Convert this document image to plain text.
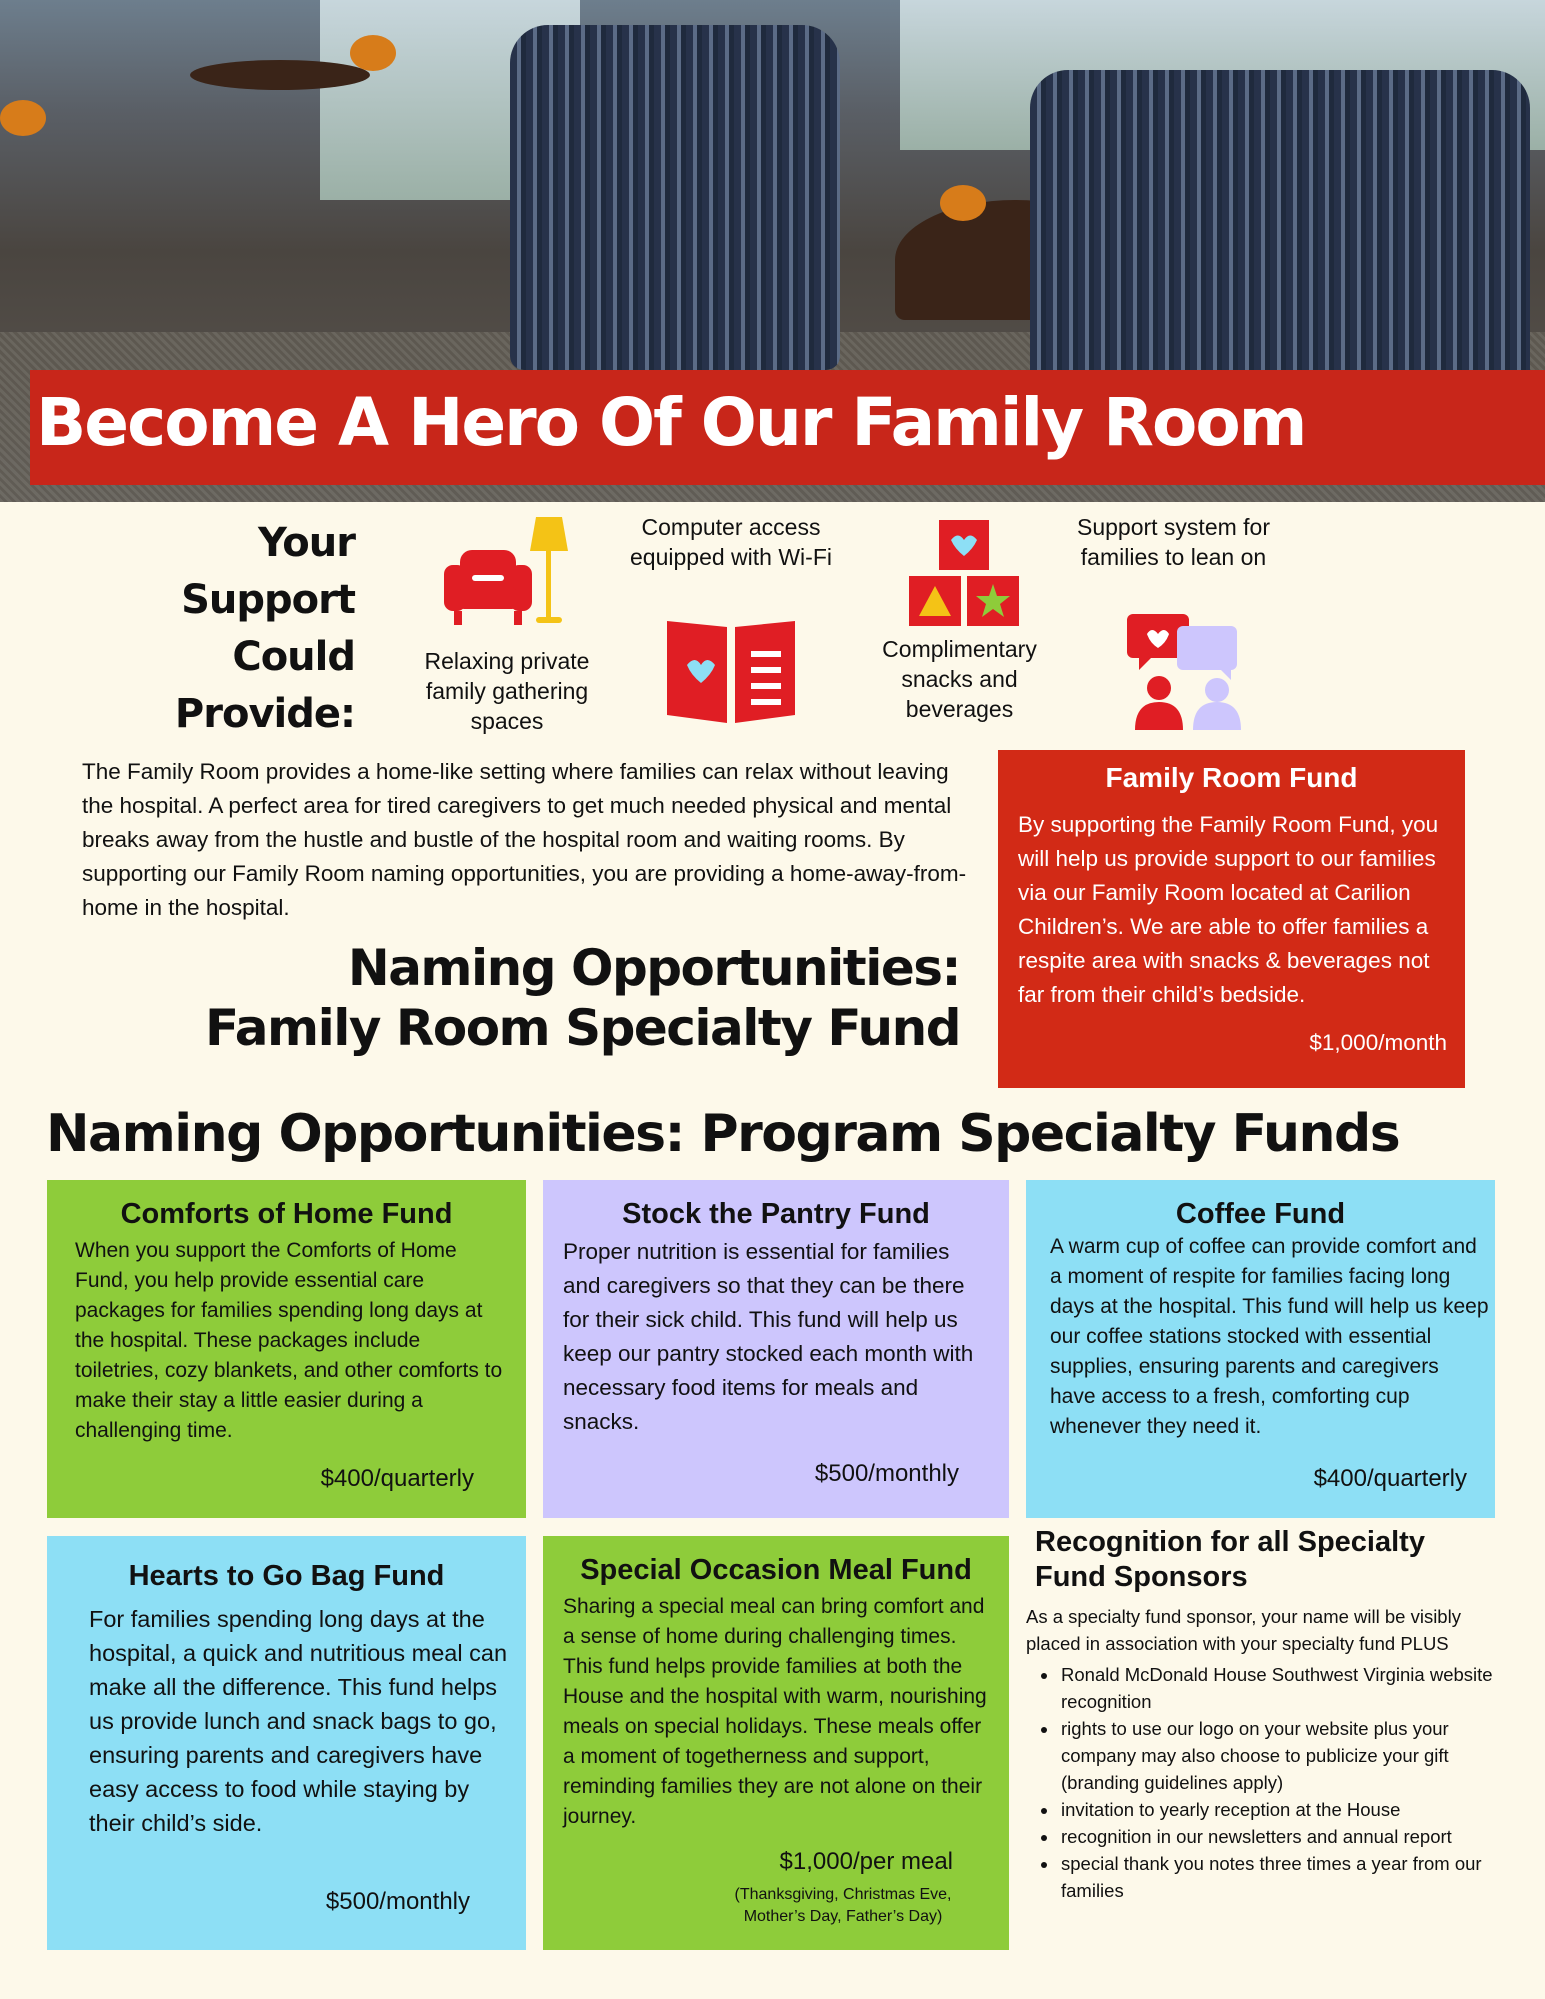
Become A Hero Of Our Family Room
Your
Support
Could
Provide:
Relaxing private family gathering spaces
Computer access equipped with Wi-Fi
Complimentary snacks and beverages
Support system for families to lean on
The Family Room provides a home-like setting where families can relax without leaving the hospital. A perfect area for tired caregivers to get much needed physical and mental breaks away from the hustle and bustle of the hospital room and waiting rooms. By supporting our Family Room naming opportunities, you are providing a home-away-from-home in the hospital.
Naming Opportunities:
Family Room Specialty Fund
Family Room Fund
By supporting the Family Room Fund, you will help us provide support to our families via our Family Room located at Carilion Children’s. We are able to offer families a respite area with snacks & beverages not far from their child’s bedside.
$1,000/month
Naming Opportunities: Program Specialty Funds
Comforts of Home Fund
When you support the Comforts of Home Fund, you help provide essential care packages for families spending long days at the hospital. These packages include toiletries, cozy blankets, and other comforts to make their stay a little easier during a challenging time.
$400/quarterly
Stock the Pantry Fund
Proper nutrition is essential for families and caregivers so that they can be there for their sick child. This fund will help us keep our pantry stocked each month with necessary food items for meals and snacks.
$500/monthly
Coffee Fund
A warm cup of coffee can provide comfort and a moment of respite for families facing long days at the hospital. This fund will help us keep our coffee stations stocked with essential supplies, ensuring parents and caregivers have access to a fresh, comforting cup whenever they need it.
$400/quarterly
Hearts to Go Bag Fund
For families spending long days at the hospital, a quick and nutritious meal can make all the difference. This fund helps us provide lunch and snack bags to go, ensuring parents and caregivers have easy access to food while staying by their child’s side.
$500/monthly
Special Occasion Meal Fund
Sharing a special meal can bring comfort and a sense of home during challenging times. This fund helps provide families at both the House and the hospital with warm, nourishing meals on special holidays. These meals offer a moment of togetherness and support, reminding families they are not alone on their journey.
$1,000/per meal
(Thanksgiving, Christmas Eve, Mother’s Day, Father’s Day)
Recognition for all Specialty Fund Sponsors

As a specialty fund sponsor, your name will be visibly placed in association with your specialty fund PLUS

• Ronald McDonald House Southwest Virginia website recognition
• rights to use our logo on your website plus your company may also choose to publicize your gift (branding guidelines apply)
• invitation to yearly reception at the House
• recognition in our newsletters and annual report
• special thank you notes three times a year from our families
